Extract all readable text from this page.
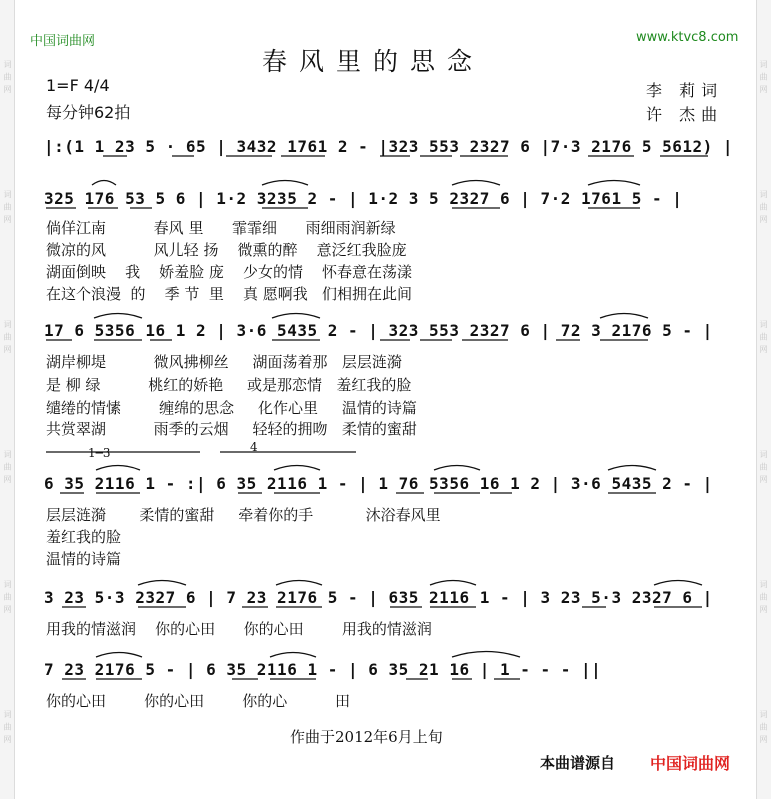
词 曲 网
词 曲 网
词 曲 网
词 曲 网
词 曲 网
词 曲 网
词 曲 网
词 曲 网
词 曲 网
词 曲 网
词 曲 网
词 曲 网
中国词曲网	www.ktvc8.com
春风里的思念
1=F 4/4
每分钟62拍
李 莉词
许 杰曲
|:(1 1 23 5 · 65 | 3432 1761 2 - |323 553 2327 6 |7·3 2176 5 5612) |
325 176 53 5 6 | 1·2 3235 2 - | 1·2 3 5 2327 6 | 7·2 1761 5 - |
倘佯江南          春风 里      霏霏细      雨细雨润新绿
微凉的风          风儿轻 扬    微熏的醉    意泛红我脸庞
湖面倒映    我    娇羞脸 庞    少女的情    怀春意在荡漾
在这个浪漫  的    季 节  里    真 愿啊我   们相拥在此间
17 6 5356 16 1 2 | 3·6 5435 2 - | 323 553 2327 6 | 72 3 2176 5 - |
湖岸柳堤          微风拂柳丝     湖面荡着那   层层涟漪
是 柳 绿          桃红的娇艳     或是那恋情   羞红我的脸
缱绻的情愫        缠绵的思念     化作心里     温情的诗篇
共赏翠湖          雨季的云烟     轻轻的拥吻   柔情的蜜甜
1─3	4
6 35 2116 1 - :| 6 35 2116 1 - | 1 76 5356 16 1 2 | 3·6 5435 2 - |
层层涟漪       柔情的蜜甜     牵着你的手           沐浴春风里
羞红我的脸
温情的诗篇
3 23 5·3 2327 6 | 7 23 2176 5 - | 635 2116 1 - | 3 23 5·3 2327 6 |
用我的情滋润    你的心田      你的心田        用我的情滋润
7 23 2176 5 - | 6 35 2116 1 - | 6 35 21 16 | 1 - - - ||
你的心田        你的心田        你的心          田
作曲于2012年6月上旬
本曲谱源自 中国词曲网
